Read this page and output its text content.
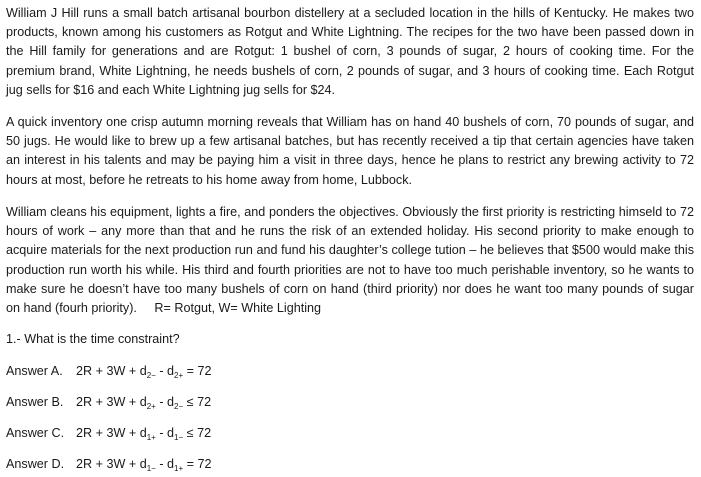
William J Hill runs a small batch artisanal bourbon distellery at a secluded location in the hills of Kentucky. He makes two products, known among his customers as Rotgut and White Lightning. The recipes for the two have been passed down in the Hill family for generations and are Rotgut: 1 bushel of corn, 3 pounds of sugar, 2 hours of cooking time. For the premium brand, White Lightning, he needs bushels of corn, 2 pounds of sugar, and 3 hours of cooking time. Each Rotgut jug sells for $16 and each White Lightning jug sells for $24.

A quick inventory one crisp autumn morning reveals that William has on hand 40 bushels of corn, 70 pounds of sugar, and 50 jugs. He would like to brew up a few artisanal batches, but has recently received a tip that certain agencies have taken an interest in his talents and may be paying him a visit in three days, hence he plans to restrict any brewing activity to 72 hours at most, before he retreats to his home away from home, Lubbock.

William cleans his equipment, lights a fire, and ponders the objectives. Obviously the first priority is restricting himseld to 72 hours of work – any more than that and he runs the risk of an extended holiday. His second priority to make enough to acquire materials for the next production run and fund his daughter’s college tution – he believes that $500 would make this production run worth his while. His third and fourth priorities are not to have too much perishable inventory, so he wants to make sure he doesn’t have too many bushels of corn on hand (third priority) nor does he want too many pounds of sugar on hand (fourh priority). R= Rotgut, W= White Lighting

1.- What is the time constraint?
Answer A. $2R + 3W + d_{2-} - d_{2+} = 72$
Answer B. $2R + 3W + d_{2+} - d_{2-} \le 72$
Answer C. $2R + 3W + d_{1+} - d_{1-} \le 72$
Answer D. $2R + 3W + d_{1-} - d_{1+} = 72$
